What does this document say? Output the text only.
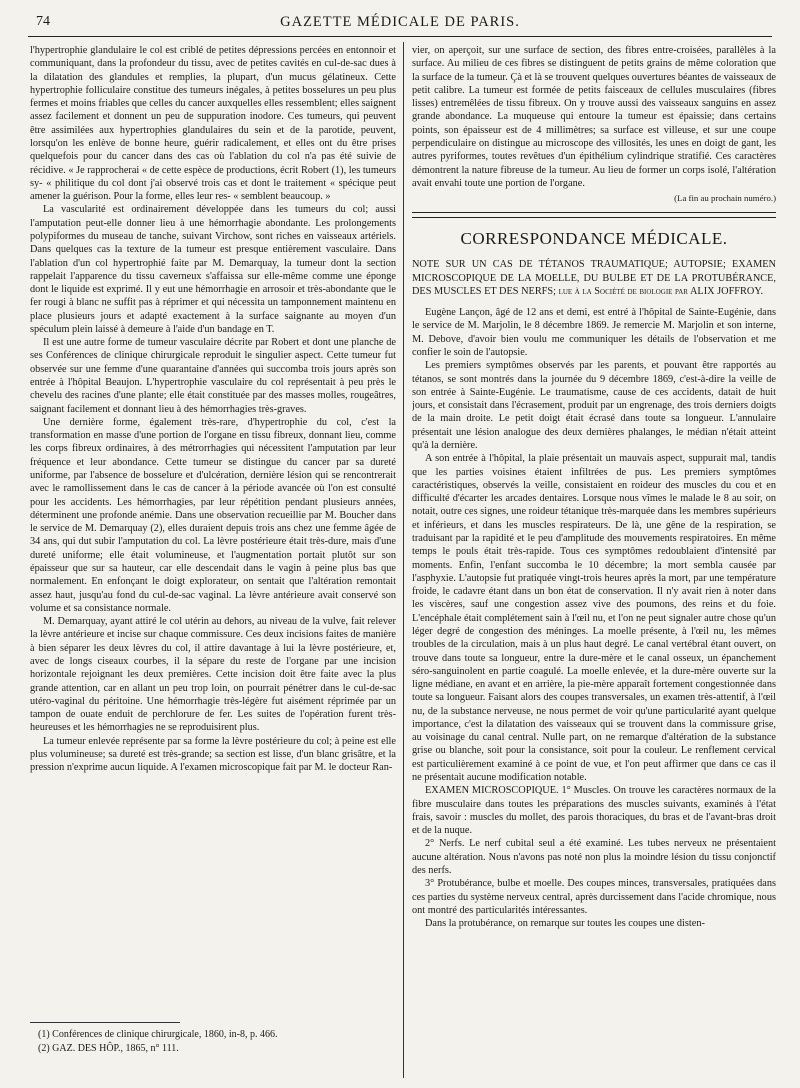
74	GAZETTE MÉDICALE DE PARIS.

l'hypertrophie glandulaire le col est criblé de petites dépressions percées en entonnoir et communiquant, dans la profondeur du tissu, avec de petites cavités en cul-de-sac dues à la dilatation des glandules et remplies, la plupart, d'un mucus gélatineux. Cette hypertrophie folliculaire constitue des tumeurs inégales, à petites bosselures un peu plus fermes et moins friables que celles du cancer auxquelles elles ressemblent; elles saignent assez facilement et donnent un peu de suppuration inodore. Ces tumeurs, qui peuvent être assimilées aux hypertrophies glandulaires du sein et de la parotide, peuvent, lorsqu'on les enlève de bonne heure, guérir radicalement, et elles ont du être prises quelquefois pour du cancer dans des cas où l'ablation du col n'a pas été suivie de récidive. « Je rapprocherai « de cette espèce de productions, écrit Robert (1), les tumeurs sy- « philitique du col dont j'ai observé trois cas et dont le traitement « spécique peut amener la guérison. Pour la forme, elles leur res- « semblent beaucoup. »

La vascularité est ordinairement développée dans les tumeurs du col; aussi l'amputation peut-elle donner lieu à une hémorrhagie abondante. Les prolongements polypiformes du museau de tanche, suivant Virchow, sont riches en vaisseaux artériels. Dans quelques cas la texture de la tumeur est presque entièrement vasculaire. Dans l'ablation d'un col hypertrophié faite par M. Demarquay, la tumeur dont la section rappelait l'apparence du tissu caverneux s'affaissa sur elle-même comme une éponge dont le liquide est exprimé. Il y eut une hémorrhagie en arrosoir et très-abondante que le fer rougi à blanc ne suffit pas à réprimer et qui nécessita un tamponnement maintenu en place plusieurs jours et adapté exactement à la surface saignante au moyen d'un spéculum plein laissé à demeure à l'aide d'un bandage en T.

Il est une autre forme de tumeur vasculaire décrite par Robert et dont une planche de ses Conférences de clinique chirurgicale reproduit le singulier aspect. Cette tumeur fut observée sur une femme d'une quarantaine d'années qui succomba trois jours après son entrée à l'hôpital Beaujon. L'hypertrophie vasculaire du col représentait à peu près le chevelu des racines d'une plante; elle était constituée par des masses molles, rougeâtres, saignant facilement et donnant lieu à des hémorrhagies très-graves.

Une dernière forme, également très-rare, d'hypertrophie du col, c'est la transformation en masse d'une portion de l'organe en tissu fibreux, donnant lieu, comme les corps fibreux ordinaires, à des métrorrhagies qui nécessitent l'amputation par leur fréquence et leur abondance. Cette tumeur se distingue du cancer par sa dureté uniforme, par l'absence de bosselure et d'ulcération, dernière lésion qui se rencontrerait avec le ramollissement dans le cas de cancer à la période avancée où l'on est consulté pour les accidents. Les hémorrhagies, par leur répétition pendant plusieurs années, déterminent une profonde anémie. Dans une observation recueillie par M. Boucher dans le service de M. Demarquay (2), elles duraient depuis trois ans chez une femme âgée de 34 ans, qui dut subir l'amputation du col. La lèvre postérieure était très-dure, mais d'une dureté uniforme; elle était volumineuse, et l'augmentation portait plutôt sur son épaisseur que sur sa hauteur, car elle descendait dans le vagin à peine plus bas que normalement. En enfonçant le doigt explorateur, on sentait que l'altération remontait assez haut, jusqu'au fond du cul-de-sac vaginal. La lèvre antérieure avait conservé son volume et sa consistance normale.

M. Demarquay, ayant attiré le col utérin au dehors, au niveau de la vulve, fait relever la lèvre antérieure et incise sur chaque commissure. Ces deux incisions faites de manière à bien séparer les deux lèvres du col, il attire davantage à lui la lèvre postérieure, et, avec de longs ciseaux courbes, il la sépare du reste de l'organe par une incision horizontale rejoignant les deux premières. Cette incision doit être faite avec la plus grande attention, car en allant un peu trop loin, on pourrait pénétrer dans le cul-de-sac utéro-vaginal du péritoine. Une hémorrhagie très-légère fut aisément réprimée par un tampon de ouate enduit de perchlorure de fer. Les suites de l'opération furent très-heureuses et les hémorrhagies ne se reproduisirent plus.

La tumeur enlevée représente par sa forme la lèvre postérieure du col; à peine est elle plus volumineuse; sa dureté est très-grande; sa section est lisse, d'un blanc grisâtre, et la pression n'exprime aucun liquide. A l'examen microscopique fait par M. le docteur Ran-

(1) Conférences de clinique chirurgicale, 1860, in-8, p. 466.
(2) GAZ. DES HÔP., 1865, n° 111.

vier, on aperçoit, sur une surface de section, des fibres entre-croisées, parallèles à la surface. Au milieu de ces fibres se distinguent de petits grains de même coloration que la surface de la tumeur. Çà et là se trouvent quelques ouvertures béantes de vaisseaux de petit calibre. La tumeur est formée de petits faisceaux de cellules musculaires (fibres lisses) entremêlées de tissu fibreux. On y trouve aussi des vaisseaux sanguins en assez grande abondance. La muqueuse qui entoure la tumeur est épaissie; dans certains points, son épaisseur est de 4 millimètres; sa surface est villeuse, et sur une coupe perpendiculaire on distingue au microscope des villosités, les unes en doigt de gant, les autres pyriformes, toutes revêtues d'un épithélium cylindrique stratifié. Ces caractères démontrent la nature fibreuse de la tumeur. Au lieu de former un corps isolé, l'altération avait envahi toute une portion de l'organe.

(La fin au prochain numéro.)
CORRESPONDANCE MÉDICALE.

NOTE SUR UN CAS DE TÉTANOS TRAUMATIQUE; AUTOPSIE; EXAMEN MICROSCOPIQUE DE LA MOELLE, DU BULBE ET DE LA PROTUBÉRANCE, DES MUSCLES ET DES NERFS; lue à la Société de biologie par ALIX JOFFROY.

Eugène Lançon, âgé de 12 ans et demi, est entré à l'hôpital de Sainte-Eugénie, dans le service de M. Marjolin, le 8 décembre 1869. Je remercie M. Marjolin et son interne, M. Debove, d'avoir bien voulu me communiquer les détails de l'observation et me confier le soin de l'autopsie.

Les premiers symptômes observés par les parents, et pouvant être rapportés au tétanos, se sont montrés dans la journée du 9 décembre 1869, c'est-à-dire la veille de son entrée à Sainte-Eugénie. Le traumatisme, cause de ces accidents, datait de huit jours, et consistait dans l'écrasement, produit par un engrenage, des trois derniers doigts de la main droite. Le petit doigt était écrasé dans toute sa longueur. L'annulaire présentait une lésion analogue des deux dernières phalanges, le médian n'était atteint qu'à la dernière.

A son entrée à l'hôpital, la plaie présentait un mauvais aspect, suppurait mal, tandis que les parties voisines étaient infiltrées de pus. Les premiers symptômes caractéristiques, observés la veille, consistaient en roideur des muscles du cou et en difficulté d'écarter les arcades dentaires. Lorsque nous vîmes le malade le 8 au soir, on notait, outre ces signes, une roideur tétanique très-marquée dans les membres supérieurs et inférieurs, et dans les muscles respirateurs. De là, une gêne de la respiration, se traduisant par la rapidité et le peu d'amplitude des mouvements respiratoires. En même temps le pouls était très-rapide. Tous ces symptômes redoublaient d'intensité par moments. Enfin, l'enfant succomba le 10 décembre; la mort sembla causée par l'asphyxie. L'autopsie fut pratiquée vingt-trois heures après la mort, par une température froide, le cadavre étant dans un bon état de conservation. Il n'y avait rien à noter dans les viscères, sauf une congestion assez vive des poumons, des reins et du foie. L'encéphale était complétement sain à l'œil nu, et l'on ne peut signaler autre chose qu'un léger degré de congestion des méninges. La moelle présente, à l'œil nu, les mêmes troubles de la circulation, mais à un plus haut degré. Le canal vertébral étant ouvert, on trouve dans toute sa longueur, entre la dure-mère et le canal osseux, un épanchement séro-sanguinolent en partie coagulé. La moelle enlevée, et la dure-mère ouverte sur la ligne médiane, en avant et en arrière, la pie-mère apparaît fortement congestionnée dans toute sa longueur. Faisant alors des coupes transversales, un examen très-attentif, à l'œil nu, de la substance nerveuse, ne nous permet de voir qu'une particularité ayant quelque importance, c'est la dilatation des vaisseaux qui se trouvent dans la commissure grise, au voisinage du canal central. Nulle part, on ne remarque d'altération de la substance grise ou blanche, soit pour la consistance, soit pour la couleur. Le renflement cervical est particulièrement examiné à ce point de vue, et l'on peut affirmer que dans ce cas il ne présentait aucune modification notable.

EXAMEN MICROSCOPIQUE. 1° Muscles. On trouve les caractères normaux de la fibre musculaire dans toutes les préparations des muscles suivants, examinés à l'état frais, savoir : muscles du mollet, des parois thoraciques, du bras et de l'avant-bras droit et de la nuque.

2° Nerfs. Le nerf cubital seul a été examiné. Les tubes nerveux ne présentaient aucune altération. Nous n'avons pas noté non plus la moindre lésion du tissu conjonctif des nerfs.

3° Protubérance, bulbe et moelle. Des coupes minces, transversales, pratiquées dans ces parties du système nerveux central, après durcissement dans l'acide chromique, nous ont montré des particularités intéressantes.

Dans la protubérance, on remarque sur toutes les coupes une disten-
